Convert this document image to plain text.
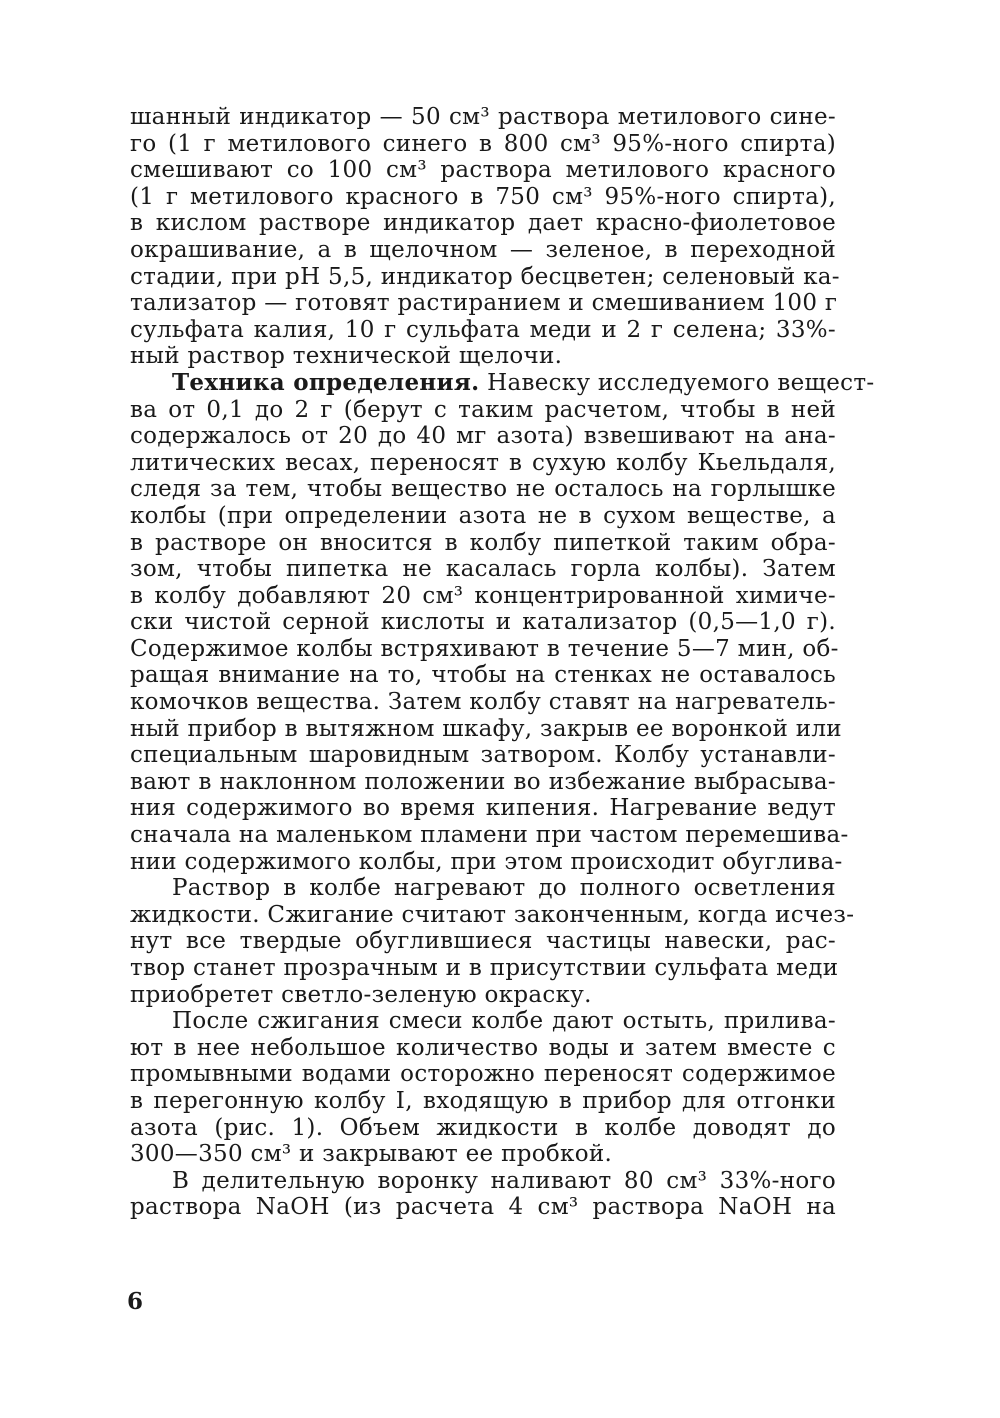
шанный индикатор — 50 см³ раствора метилового сине-
го (1 г метилового синего в 800 см³ 95%-ного спирта)
смешивают со 100 см³ раствора метилового красного
(1 г метилового красного в 750 см³ 95%-ного спирта),
в кислом растворе индикатор дает красно-фиолетовое
окрашивание, а в щелочном — зеленое, в переходной
стадии, при pH 5,5, индикатор бесцветен; селеновый ка-
тализатор — готовят растиранием и смешиванием 100 г
сульфата калия, 10 г сульфата меди и 2 г селена; 33%-
ный раствор технической щелочи.

Техника определения. Навеску исследуемого вещест-
ва от 0,1 до 2 г (берут с таким расчетом, чтобы в ней
содержалось от 20 до 40 мг азота) взвешивают на ана-
литических весах, переносят в сухую колбу Кьельдаля,
следя за тем, чтобы вещество не осталось на горлышке
колбы (при определении азота не в сухом веществе, а
в растворе он вносится в колбу пипеткой таким обра-
зом, чтобы пипетка не касалась горла колбы). Затем
в колбу добавляют 20 см³ концентрированной химиче-
ски чистой серной кислоты и катализатор (0,5—1,0 г).
Содержимое колбы встряхивают в течение 5—7 мин, об-
ращая внимание на то, чтобы на стенках не оставалось
комочков вещества. Затем колбу ставят на нагреватель-
ный прибор в вытяжном шкафу, закрыв ее воронкой или
специальным шаровидным затвором. Колбу устанавли-
вают в наклонном положении во избежание выбрасыва-
ния содержимого во время кипения. Нагревание ведут
сначала на маленьком пламени при частом перемешива-
нии содержимого колбы, при этом происходит обуглива-

Раствор в колбе нагревают до полного осветления
жидкости. Сжигание считают законченным, когда исчез-
нут все твердые обуглившиеся частицы навески, рас-
твор станет прозрачным и в присутствии сульфата меди
приобретет светло-зеленую окраску.

После сжигания смеси колбе дают остыть, прилива-
ют в нее небольшое количество воды и затем вместе с
промывными водами осторожно переносят содержимое
в перегонную колбу I, входящую в прибор для отгонки
азота (рис. 1). Объем жидкости в колбе доводят до
300—350 см³ и закрывают ее пробкой.

В делительную воронку наливают 80 см³ 33%-ного
раствора NaOH (из расчета 4 см³ раствора NaOH на

6
